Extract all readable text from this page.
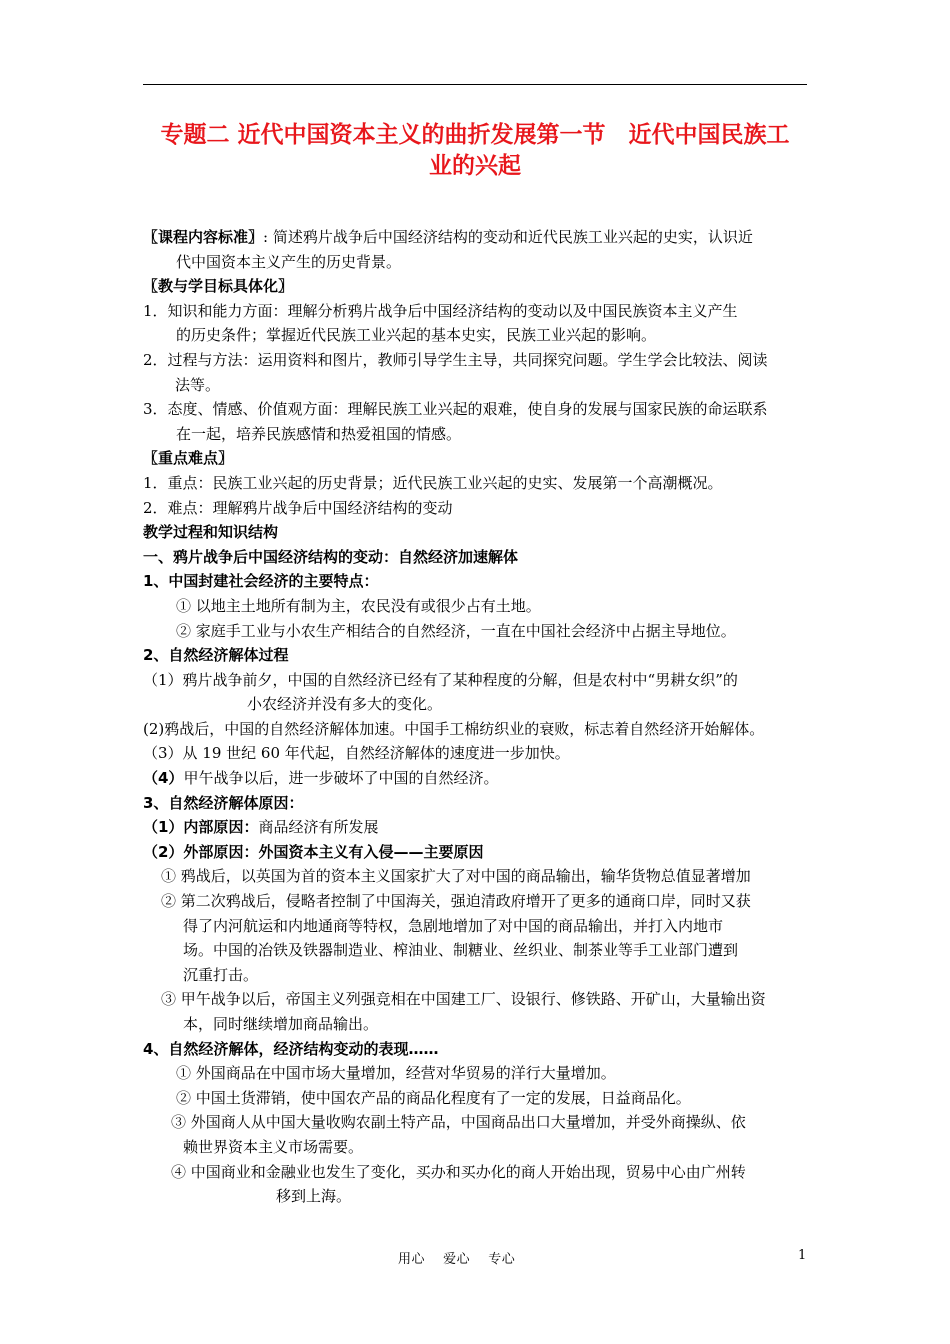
专题二 近代中国资本主义的曲折发展第一节　近代中国民族工
业的兴起
〖课程内容标准〗: 简述鸦片战争后中国经济结构的变动和近代民族工业兴起的史实，认识近
代中国资本主义产生的历史背景。
〖教与学目标具体化〗
1．知识和能力方面：理解分析鸦片战争后中国经济结构的变动以及中国民族资本主义产生
的历史条件；掌握近代民族工业兴起的基本史实，民族工业兴起的影响。
2．过程与方法：运用资料和图片，教师引导学生主导，共同探究问题。学生学会比较法、阅读
法等。
3．态度、情感、价值观方面：理解民族工业兴起的艰难，使自身的发展与国家民族的命运联系
在一起，培养民族感情和热爱祖国的情感。
〖重点难点〗
1．重点：民族工业兴起的历史背景；近代民族工业兴起的史实、发展第一个高潮概况。
2．难点：理解鸦片战争后中国经济结构的变动
教学过程和知识结构
一、鸦片战争后中国经济结构的变动：自然经济加速解体
1、中国封建社会经济的主要特点：
① 以地主土地所有制为主，农民没有或很少占有土地。
② 家庭手工业与小农生产相结合的自然经济，一直在中国社会经济中占据主导地位。
2、自然经济解体过程
（1）鸦片战争前夕，中国的自然经济已经有了某种程度的分解，但是农村中“男耕女织”的
小农经济并没有多大的变化。
(2)鸦战后，中国的自然经济解体加速。中国手工棉纺织业的衰败，标志着自然经济开始解体。
（3）从 19 世纪 60 年代起，自然经济解体的速度进一步加快。
（4）甲午战争以后，进一步破坏了中国的自然经济。
3、自然经济解体原因：
（1）内部原因：商品经济有所发展
（2）外部原因：外国资本主义有入侵——主要原因
① 鸦战后，以英国为首的资本主义国家扩大了对中国的商品输出，输华货物总值显著增加
② 第二次鸦战后，侵略者控制了中国海关，强迫清政府增开了更多的通商口岸，同时又获
得了内河航运和内地通商等特权，急剧地增加了对中国的商品输出，并打入内地市
场。中国的冶铁及铁器制造业、榨油业、制糖业、丝织业、制茶业等手工业部门遭到
沉重打击。
③ 甲午战争以后，帝国主义列强竞相在中国建工厂、设银行、修铁路、开矿山，大量输出资
本，同时继续增加商品输出。
4、自然经济解体，经济结构变动的表现……
① 外国商品在中国市场大量增加，经营对华贸易的洋行大量增加。
② 中国土货滞销，使中国农产品的商品化程度有了一定的发展，日益商品化。
③ 外国商人从中国大量收购农副土特产品，中国商品出口大量增加，并受外商操纵、依
赖世界资本主义市场需要。
④ 中国商业和金融业也发生了变化，买办和买办化的商人开始出现，贸易中心由广州转
移到上海。
用心　 爱心　 专心	1
